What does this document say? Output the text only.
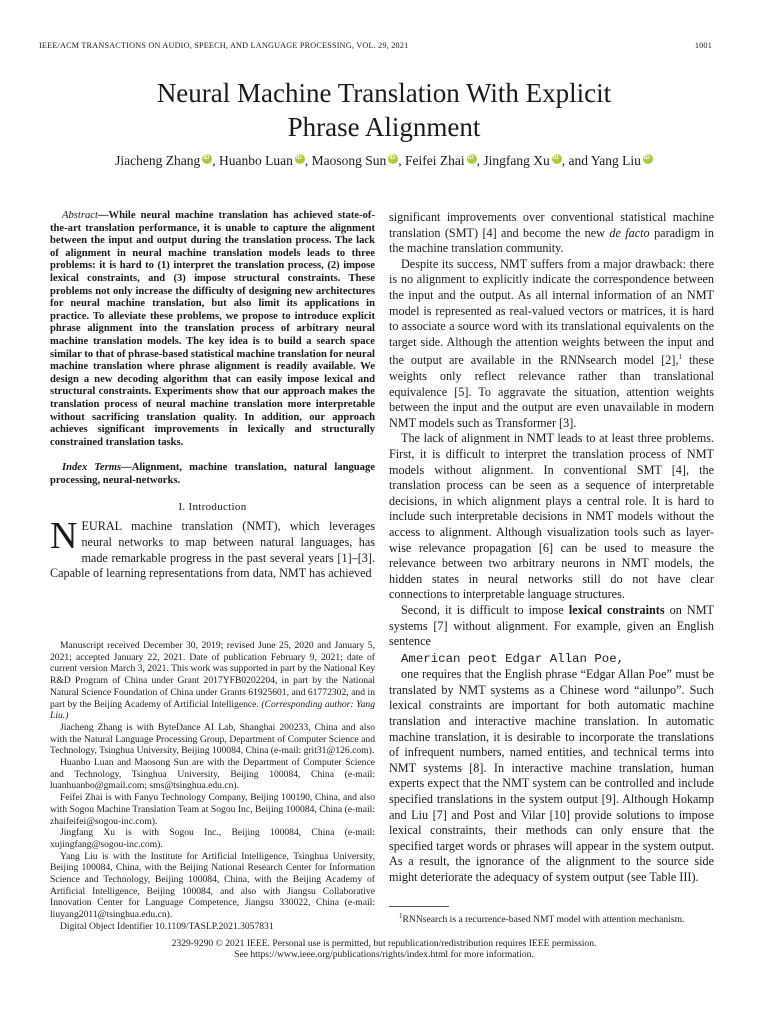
IEEE/ACM TRANSACTIONS ON AUDIO, SPEECH, AND LANGUAGE PROCESSING, VOL. 29, 2021	1001
Neural Machine Translation With Explicit
Phrase Alignment
Jiacheng Zhang iD , Huanbo Luan iD , Maosong Sun iD , Feifei Zhai iD , Jingfang Xu iD , and Yang LiuiD
Abstract—While neural machine translation has achieved state-of-the-art translation performance, it is unable to capture the alignment between the input and output during the translation process. The lack of alignment in neural machine translation models leads to three problems: it is hard to (1) interpret the translation process, (2) impose lexical constraints, and (3) impose structural constraints. These problems not only increase the difficulty of designing new architectures for neural machine translation, but also limit its applications in practice. To alleviate these problems, we propose to introduce explicit phrase alignment into the translation process of arbitrary neural machine translation models. The key idea is to build a search space similar to that of phrase-based statistical machine translation for neural machine translation where phrase alignment is readily available. We design a new decoding algorithm that can easily impose lexical and structural constraints. Experiments show that our approach makes the translation process of neural machine translation more interpretable without sacrificing translation quality. In addition, our approach achieves significant improvements in lexically and structurally constrained translation tasks.
Index Terms—Alignment, machine translation, natural language processing, neural-networks.
I. Introduction
NEURAL machine translation (NMT), which leverages neural networks to map between natural languages, has made remarkable progress in the past several years [1]–[3]. Capable of learning representations from data, NMT has achieved

Manuscript received December 30, 2019; revised June 25, 2020 and January 5, 2021; accepted January 22, 2021. Date of publication February 9, 2021; date of current version March 3, 2021. This work was supported in part by the National Key R&D Program of China under Grant 2017YFB0202204, in part by the National Natural Science Foundation of China under Grants 61925601, and 61772302, and in part by the Beijing Academy of Artificial Intelligence. (Corresponding author: Yang Liu.)

Jiacheng Zhang is with ByteDance AI Lab, Shanghai 200233, China and also with the Natural Language Processing Group, Department of Computer Science and Technology, Tsinghua University, Beijing 100084, China (e-mail: grit31@126.com).

Huanbo Luan and Maosong Sun are with the Department of Computer Science and Technology, Tsinghua University, Beijing 100084, China (e-mail: luanhuanbo@gmail.com; sms@tsinghua.edu.cn).

Feifei Zhai is with Fanyu Technology Company, Beijing 100190, China, and also with Sogou Machine Translation Team at Sogou Inc, Beijing 100084, China (e-mail: zhaifeifei@sogou-inc.com).

Jingfang Xu is with Sogou Inc., Beijing 100084, China (e-mail: xujingfang@sogou-inc.com).

Yang Liu is with the Institute for Artificial Intelligence, Tsinghua University, Beijing 100084, China, with the Beijing National Research Center for Information Science and Technology, Beijing 100084, China, with the Beijing Academy of Artificial Intelligence, Beijing 100084, and also with Jiangsu Collaborative Innovation Center for Language Competence, Jiangsu 330022, China (e-mail: liuyang2011@tsinghua.edu.cn).

Digital Object Identifier 10.1109/TASLP.2021.3057831

significant improvements over conventional statistical machine translation (SMT) [4] and become the new de facto paradigm in the machine translation community.

Despite its success, NMT suffers from a major drawback: there is no alignment to explicitly indicate the correspondence between the input and the output. As all internal information of an NMT model is represented as real-valued vectors or matrices, it is hard to associate a source word with its translational equivalents on the target side. Although the attention weights between the input and the output are available in the RNNsearch model [2],$^1$ these weights only reflect relevance rather than translational equivalence [5]. To aggravate the situation, attention weights between the input and the output are even unavailable in modern NMT models such as Transformer [3].

The lack of alignment in NMT leads to at least three problems. First, it is difficult to interpret the translation process of NMT models without alignment. In conventional SMT [4], the translation process can be seen as a sequence of interpretable decisions, in which alignment plays a central role. It is hard to include such interpretable decisions in NMT models without the access to alignment. Although visualization tools such as layer-wise relevance propagation [6] can be used to measure the relevance between two arbitrary neurons in NMT models, the hidden states in neural networks still do not have clear connections to interpretable language structures.

Second, it is difficult to impose lexical constraints on NMT systems [7] without alignment. For example, given an English sentence

American peot Edgar Allan Poe,

one requires that the English phrase “Edgar Allan Poe” must be translated by NMT systems as a Chinese word “ailunpo”. Such lexical constraints are important for both automatic machine translation and interactive machine translation. In automatic machine translation, it is desirable to incorporate the translations of infrequent numbers, named entities, and technical terms into NMT systems [8]. In interactive machine translation, human experts expect that the NMT system can be controlled and include specified translations in the system output [9]. Although Hokamp and Liu [7] and Post and Vilar [10] provide solutions to impose lexical constraints, their methods can only ensure that the specified target words or phrases will appear in the system output. As a result, the ignorance of the alignment to the source side might deteriorate the adequacy of system output (see Table III).

$^1$RNNsearch is a recurrence-based NMT model with attention mechanism.
2329-9290 © 2021 IEEE. Personal use is permitted, but republication/redistribution requires IEEE permission.
See https://www.ieee.org/publications/rights/index.html for more information.
